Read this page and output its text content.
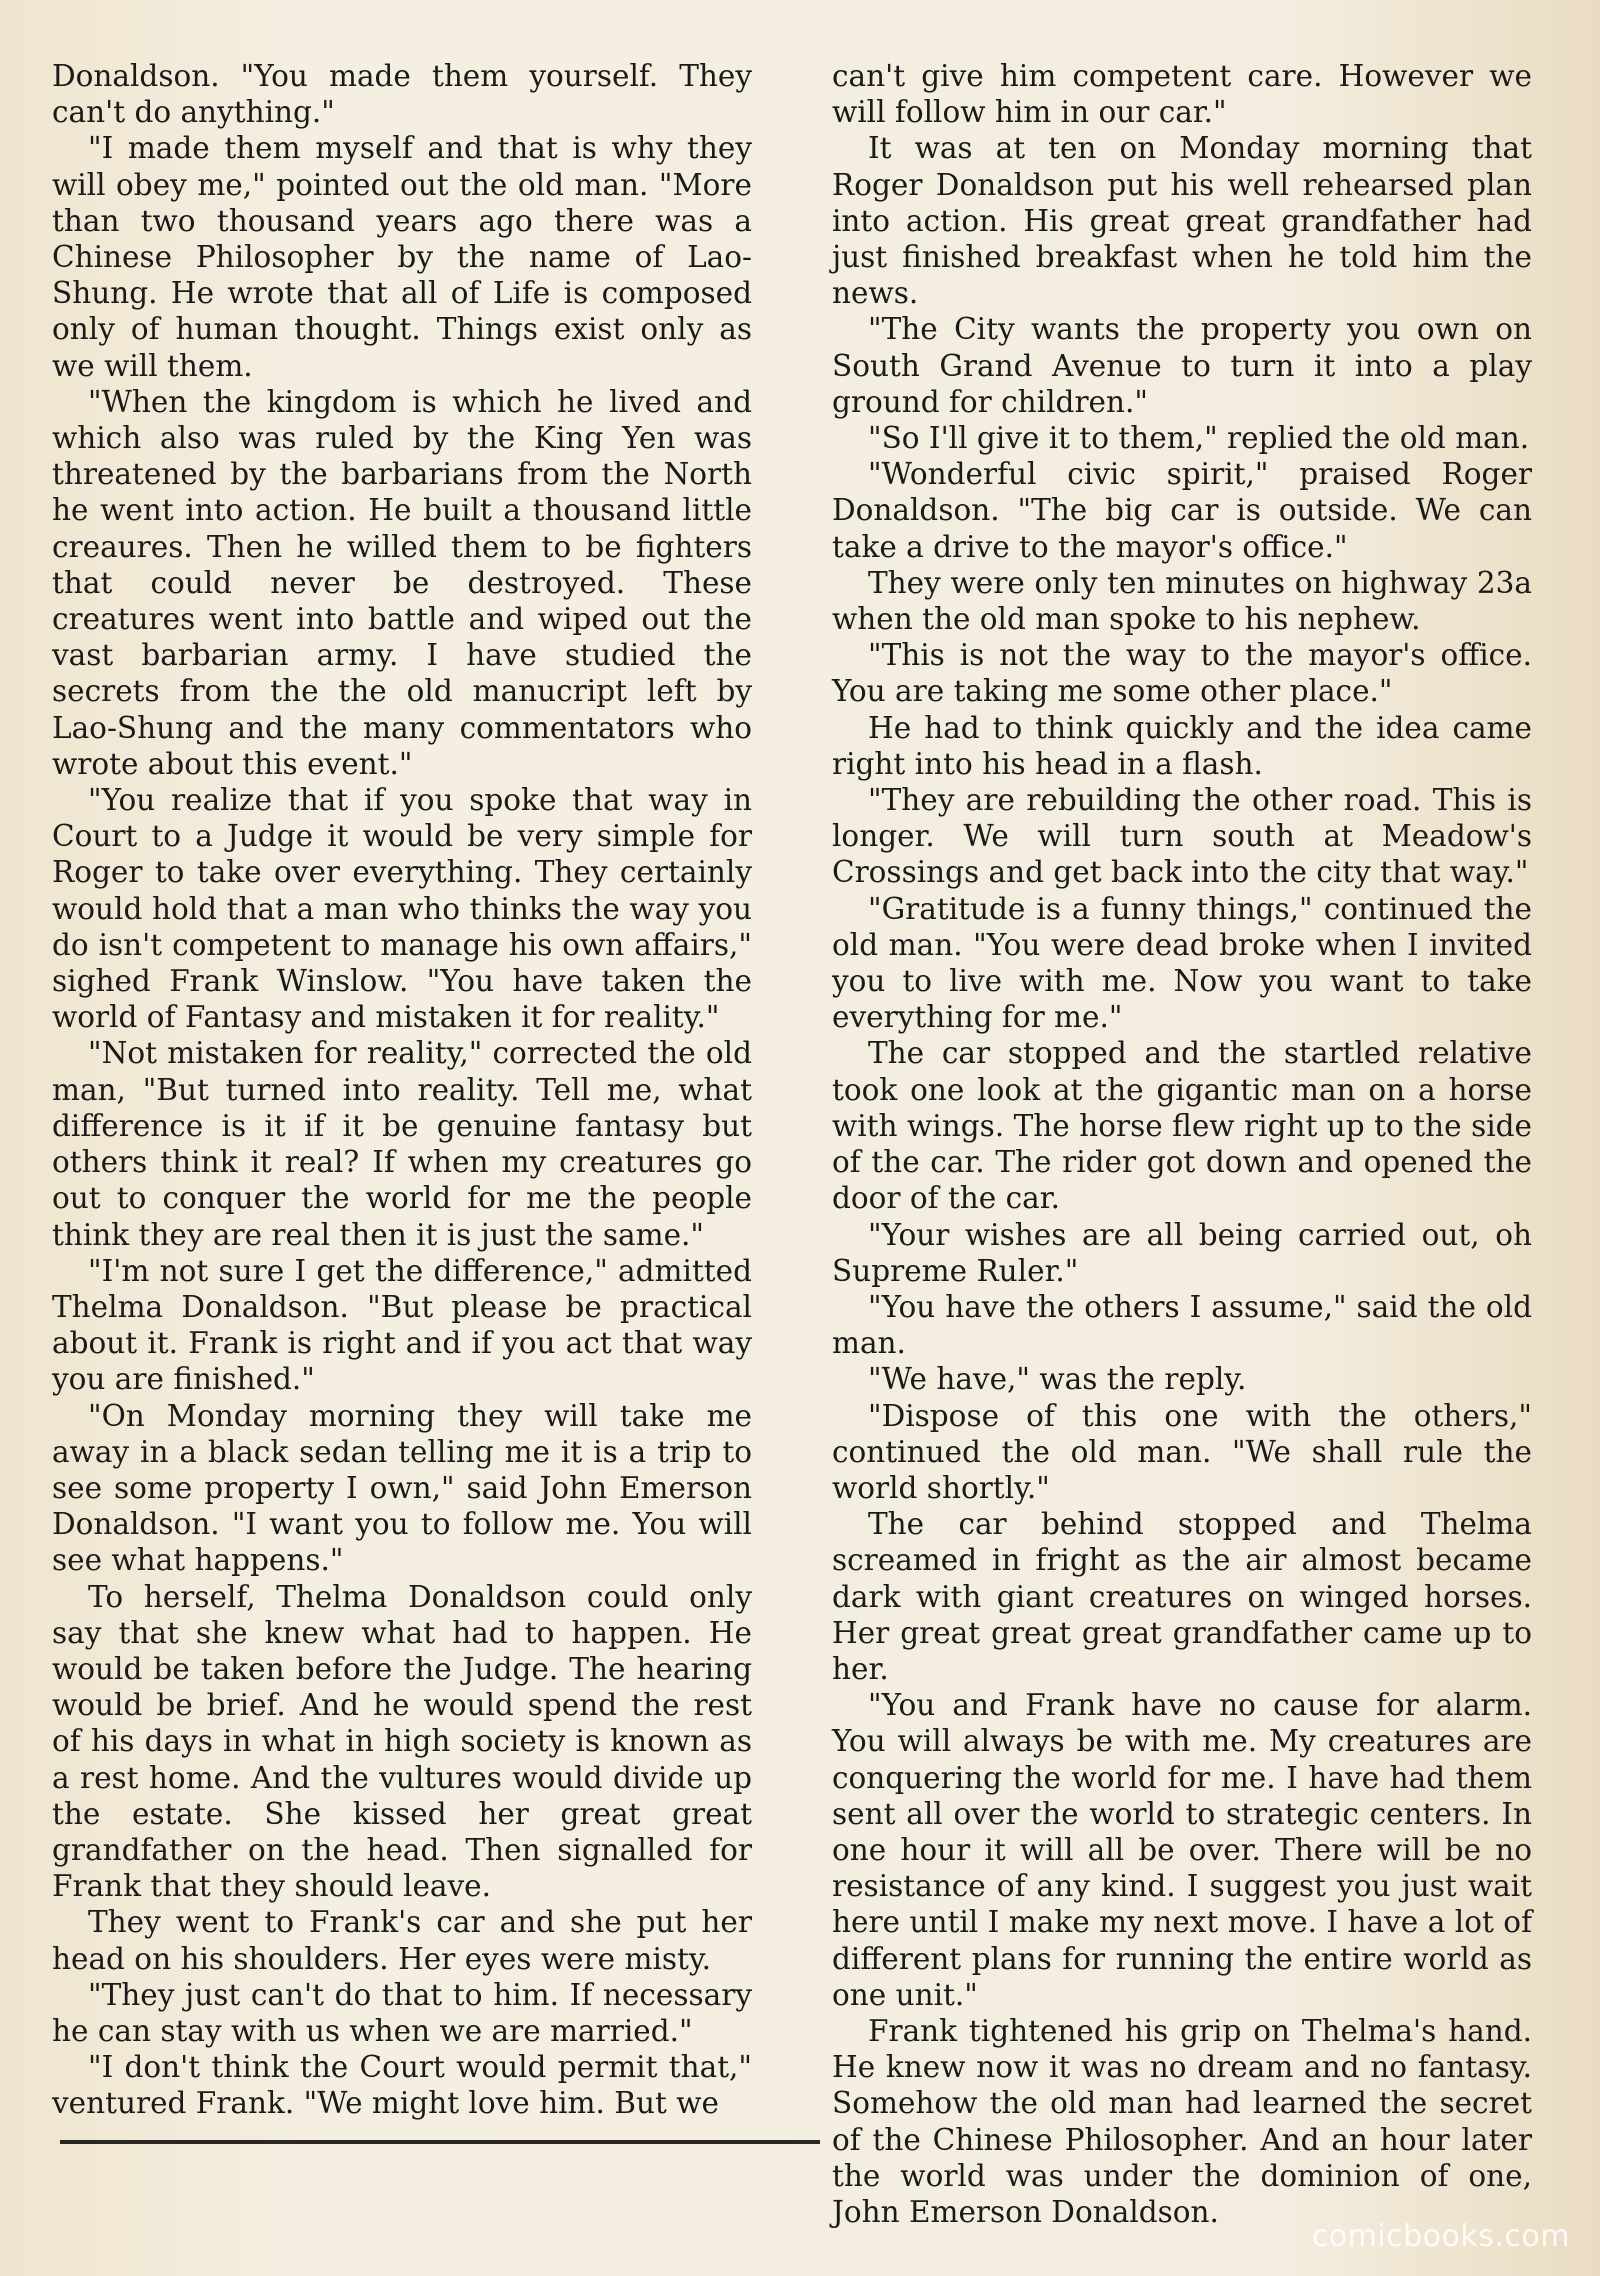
Donaldson. "You made them yourself. They can't do anything."

"I made them myself and that is why they will obey me," pointed out the old man. "More than two thousand years ago there was a Chinese Philosopher by the name of Lao-Shung. He wrote that all of Life is composed only of human thought. Things exist only as we will them.

"When the kingdom is which he lived and which also was ruled by the King Yen was threatened by the barbarians from the North he went into action. He built a thousand little creaures. Then he willed them to be fighters that could never be destroyed. These creatures went into battle and wiped out the vast barbarian army. I have studied the secrets from the the old manucript left by Lao-Shung and the many commentators who wrote about this event."

"You realize that if you spoke that way in Court to a Judge it would be very simple for Roger to take over everything. They certainly would hold that a man who thinks the way you do isn't competent to manage his own affairs," sighed Frank Winslow. "You have taken the world of Fantasy and mistaken it for reality."

"Not mistaken for reality," corrected the old man, "But turned into reality. Tell me, what difference is it if it be genuine fantasy but others think it real? If when my creatures go out to conquer the world for me the people think they are real then it is just the same."

"I'm not sure I get the difference," admitted Thelma Donaldson. "But please be practical about it. Frank is right and if you act that way you are finished."

"On Monday morning they will take me away in a black sedan telling me it is a trip to see some property I own," said John Emerson Donaldson. "I want you to follow me. You will see what happens."

To herself, Thelma Donaldson could only say that she knew what had to happen. He would be taken before the Judge. The hearing would be brief. And he would spend the rest of his days in what in high society is known as a rest home. And the vultures would divide up the estate. She kissed her great great grandfather on the head. Then signalled for Frank that they should leave.

They went to Frank's car and she put her head on his shoulders. Her eyes were misty.

"They just can't do that to him. If necessary he can stay with us when we are married."

"I don't think the Court would permit that," ventured Frank. "We might love him. But we

can't give him competent care. However we will follow him in our car."

It was at ten on Monday morning that Roger Donaldson put his well rehearsed plan into action. His great great grandfather had just finished breakfast when he told him the news.

"The City wants the property you own on South Grand Avenue to turn it into a play ground for children."

"So I'll give it to them," replied the old man.

"Wonderful civic spirit," praised Roger Donaldson. "The big car is outside. We can take a drive to the mayor's office."

They were only ten minutes on highway 23a when the old man spoke to his nephew.

"This is not the way to the mayor's office. You are taking me some other place."

He had to think quickly and the idea came right into his head in a flash.

"They are rebuilding the other road. This is longer. We will turn south at Meadow's Crossings and get back into the city that way."

"Gratitude is a funny things," continued the old man. "You were dead broke when I invited you to live with me. Now you want to take everything for me."

The car stopped and the startled relative took one look at the gigantic man on a horse with wings. The horse flew right up to the side of the car. The rider got down and opened the door of the car.

"Your wishes are all being carried out, oh Supreme Ruler."

"You have the others I assume," said the old man.

"We have," was the reply.

"Dispose of this one with the others," continued the old man. "We shall rule the world shortly."

The car behind stopped and Thelma screamed in fright as the air almost became dark with giant creatures on winged horses. Her great great great grandfather came up to her.

"You and Frank have no cause for alarm. You will always be with me. My creatures are conquering the world for me. I have had them sent all over the world to strategic centers. In one hour it will all be over. There will be no resistance of any kind. I suggest you just wait here until I make my next move. I have a lot of different plans for running the entire world as one unit."

Frank tightened his grip on Thelma's hand. He knew now it was no dream and no fantasy. Somehow the old man had learned the secret of the Chinese Philosopher. And an hour later the world was under the dominion of one, John Emerson Donaldson.

comicbooks.com
